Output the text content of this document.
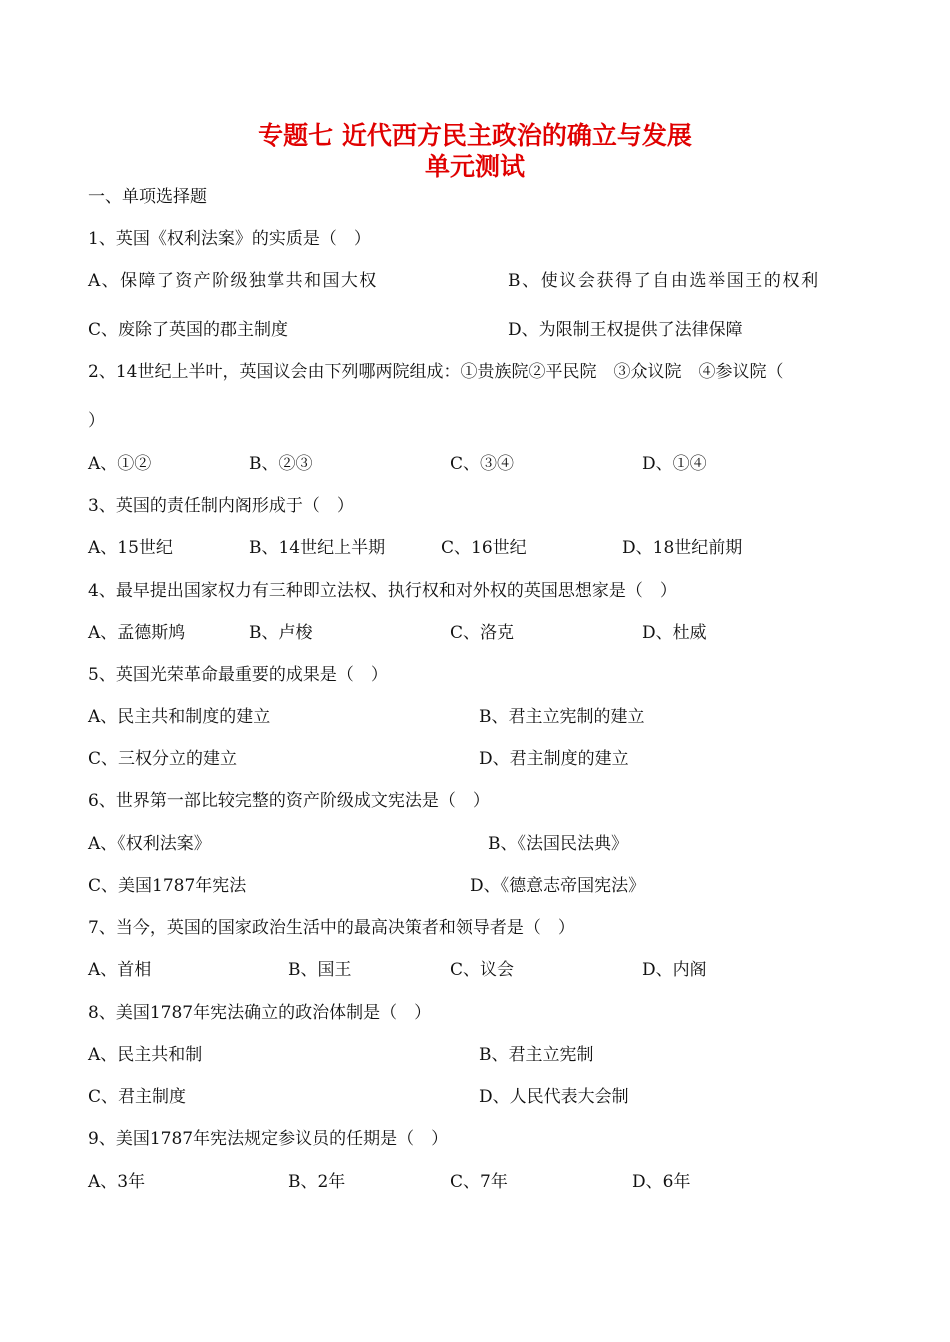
专题七 近代西方民主政治的确立与发展
单元测试
一、单项选择题
1、英国《权利法案》的实质是（　）
A、保障了资产阶级独掌共和国大权	B、使议会获得了自由选举国王的权利
C、废除了英国的郡主制度	D、为限制王权提供了法律保障
2、14世纪上半叶，英国议会由下列哪两院组成：①贵族院②平民院　③众议院　④参议院（
）
A、①②	B、②③	C、③④	D、①④
3、英国的责任制内阁形成于（　）
A、15世纪	B、14世纪上半期	C、16世纪	D、18世纪前期
4、最早提出国家权力有三种即立法权、执行权和对外权的英国思想家是（　）
A、孟德斯鸠	B、卢梭	C、洛克	D、杜威
5、英国光荣革命最重要的成果是（　）
A、民主共和制度的建立	B、君主立宪制的建立
C、三权分立的建立	D、君主制度的建立
6、世界第一部比较完整的资产阶级成文宪法是（　）
A、《权利法案》	B、《法国民法典》
C、美国1787年宪法	D、《德意志帝国宪法》
7、当今，英国的国家政治生活中的最高决策者和领导者是（　）
A、首相	B、国王	C、议会	D、内阁
8、美国1787年宪法确立的政治体制是（　）
A、民主共和制	B、君主立宪制
C、君主制度	D、人民代表大会制
9、美国1787年宪法规定参议员的任期是（　）
A、3年	B、2年	C、7年	D、6年
